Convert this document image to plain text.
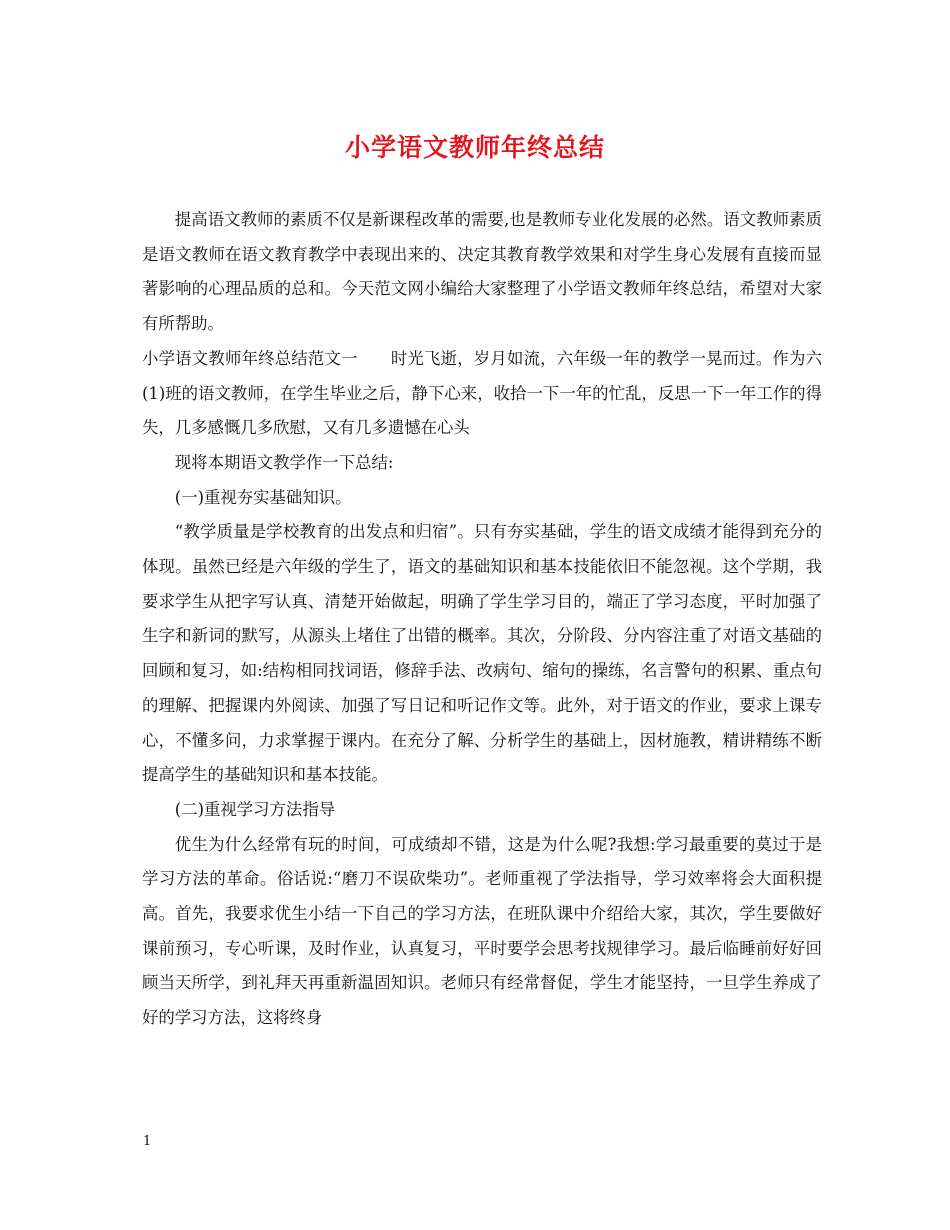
小学语文教师年终总结

提高语文教师的素质不仅是新课程改革的需要,也是教师专业化发展的必然。语文教师素质是语文教师在语文教育教学中表现出来的、决定其教育教学效果和对学生身心发展有直接而显著影响的心理品质的总和。今天范文网小编给大家整理了小学语文教师年终总结，希望对大家有所帮助。

小学语文教师年终总结范文一　　时光飞逝，岁月如流，六年级一年的教学一晃而过。作为六(1)班的语文教师，在学生毕业之后，静下心来，收拾一下一年的忙乱，反思一下一年工作的得失，几多感慨几多欣慰，又有几多遗憾在心头

现将本期语文教学作一下总结:

(一)重视夯实基础知识。

“教学质量是学校教育的出发点和归宿”。只有夯实基础，学生的语文成绩才能得到充分的体现。虽然已经是六年级的学生了，语文的基础知识和基本技能依旧不能忽视。这个学期，我要求学生从把字写认真、清楚开始做起，明确了学生学习目的，端正了学习态度，平时加强了生字和新词的默写，从源头上堵住了出错的概率。其次，分阶段、分内容注重了对语文基础的回顾和复习，如:结构相同找词语，修辞手法、改病句、缩句的操练，名言警句的积累、重点句的理解、把握课内外阅读、加强了写日记和听记作文等。此外，对于语文的作业，要求上课专心，不懂多问，力求掌握于课内。在充分了解、分析学生的基础上，因材施教，精讲精练不断提高学生的基础知识和基本技能。

(二)重视学习方法指导

优生为什么经常有玩的时间，可成绩却不错，这是为什么呢?我想:学习最重要的莫过于是学习方法的革命。俗话说:“磨刀不误砍柴功”。老师重视了学法指导，学习效率将会大面积提高。首先，我要求优生小结一下自己的学习方法，在班队课中介绍给大家，其次，学生要做好课前预习，专心听课，及时作业，认真复习，平时要学会思考找规律学习。最后临睡前好好回顾当天所学，到礼拜天再重新温固知识。老师只有经常督促，学生才能坚持，一旦学生养成了好的学习方法，这将终身

1
